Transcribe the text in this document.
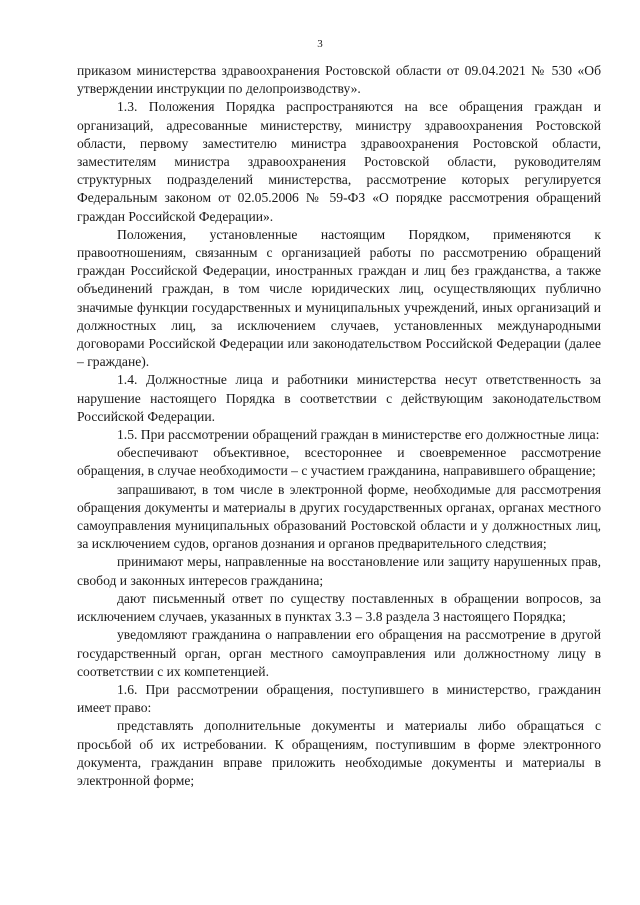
3

приказом министерства здравоохранения Ростовской области от 09.04.2021 № 530 «Об утверждении инструкции по делопроизводству».

1.3. Положения Порядка распространяются на все обращения граждан и организаций, адресованные министерству, министру здравоохранения Ростовской области, первому заместителю министра здравоохранения Ростовской области, заместителям министра здравоохранения Ростовской области, руководителям структурных подразделений министерства, рассмотрение которых регулируется Федеральным законом от 02.05.2006 № 59-ФЗ «О порядке рассмотрения обращений граждан Российской Федерации».

Положения, установленные настоящим Порядком, применяются к правоотношениям, связанным с организацией работы по рассмотрению обращений граждан Российской Федерации, иностранных граждан и лиц без гражданства, а также объединений граждан, в том числе юридических лиц, осуществляющих публично значимые функции государственных и муниципальных учреждений, иных организаций и должностных лиц, за исключением случаев, установленных международными договорами Российской Федерации или законодательством Российской Федерации (далее – граждане).

1.4. Должностные лица и работники министерства несут ответственность за нарушение настоящего Порядка в соответствии с действующим законодательством Российской Федерации.

1.5. При рассмотрении обращений граждан в министерстве его должностные лица:

обеспечивают объективное, всестороннее и своевременное рассмотрение обращения, в случае необходимости – с участием гражданина, направившего обращение;

запрашивают, в том числе в электронной форме, необходимые для рассмотрения обращения документы и материалы в других государственных органах, органах местного самоуправления муниципальных образований Ростовской области и у должностных лиц, за исключением судов, органов дознания и органов предварительного следствия;

принимают меры, направленные на восстановление или защиту нарушенных прав, свобод и законных интересов гражданина;

дают письменный ответ по существу поставленных в обращении вопросов, за исключением случаев, указанных в пунктах 3.3 – 3.8 раздела 3 настоящего Порядка;

уведомляют гражданина о направлении его обращения на рассмотрение в другой государственный орган, орган местного самоуправления или должностному лицу в соответствии с их компетенцией.

1.6. При рассмотрении обращения, поступившего в министерство, гражданин имеет право:

представлять дополнительные документы и материалы либо обращаться с просьбой об их истребовании. К обращениям, поступившим в форме электронного документа, гражданин вправе приложить необходимые документы и материалы в электронной форме;
